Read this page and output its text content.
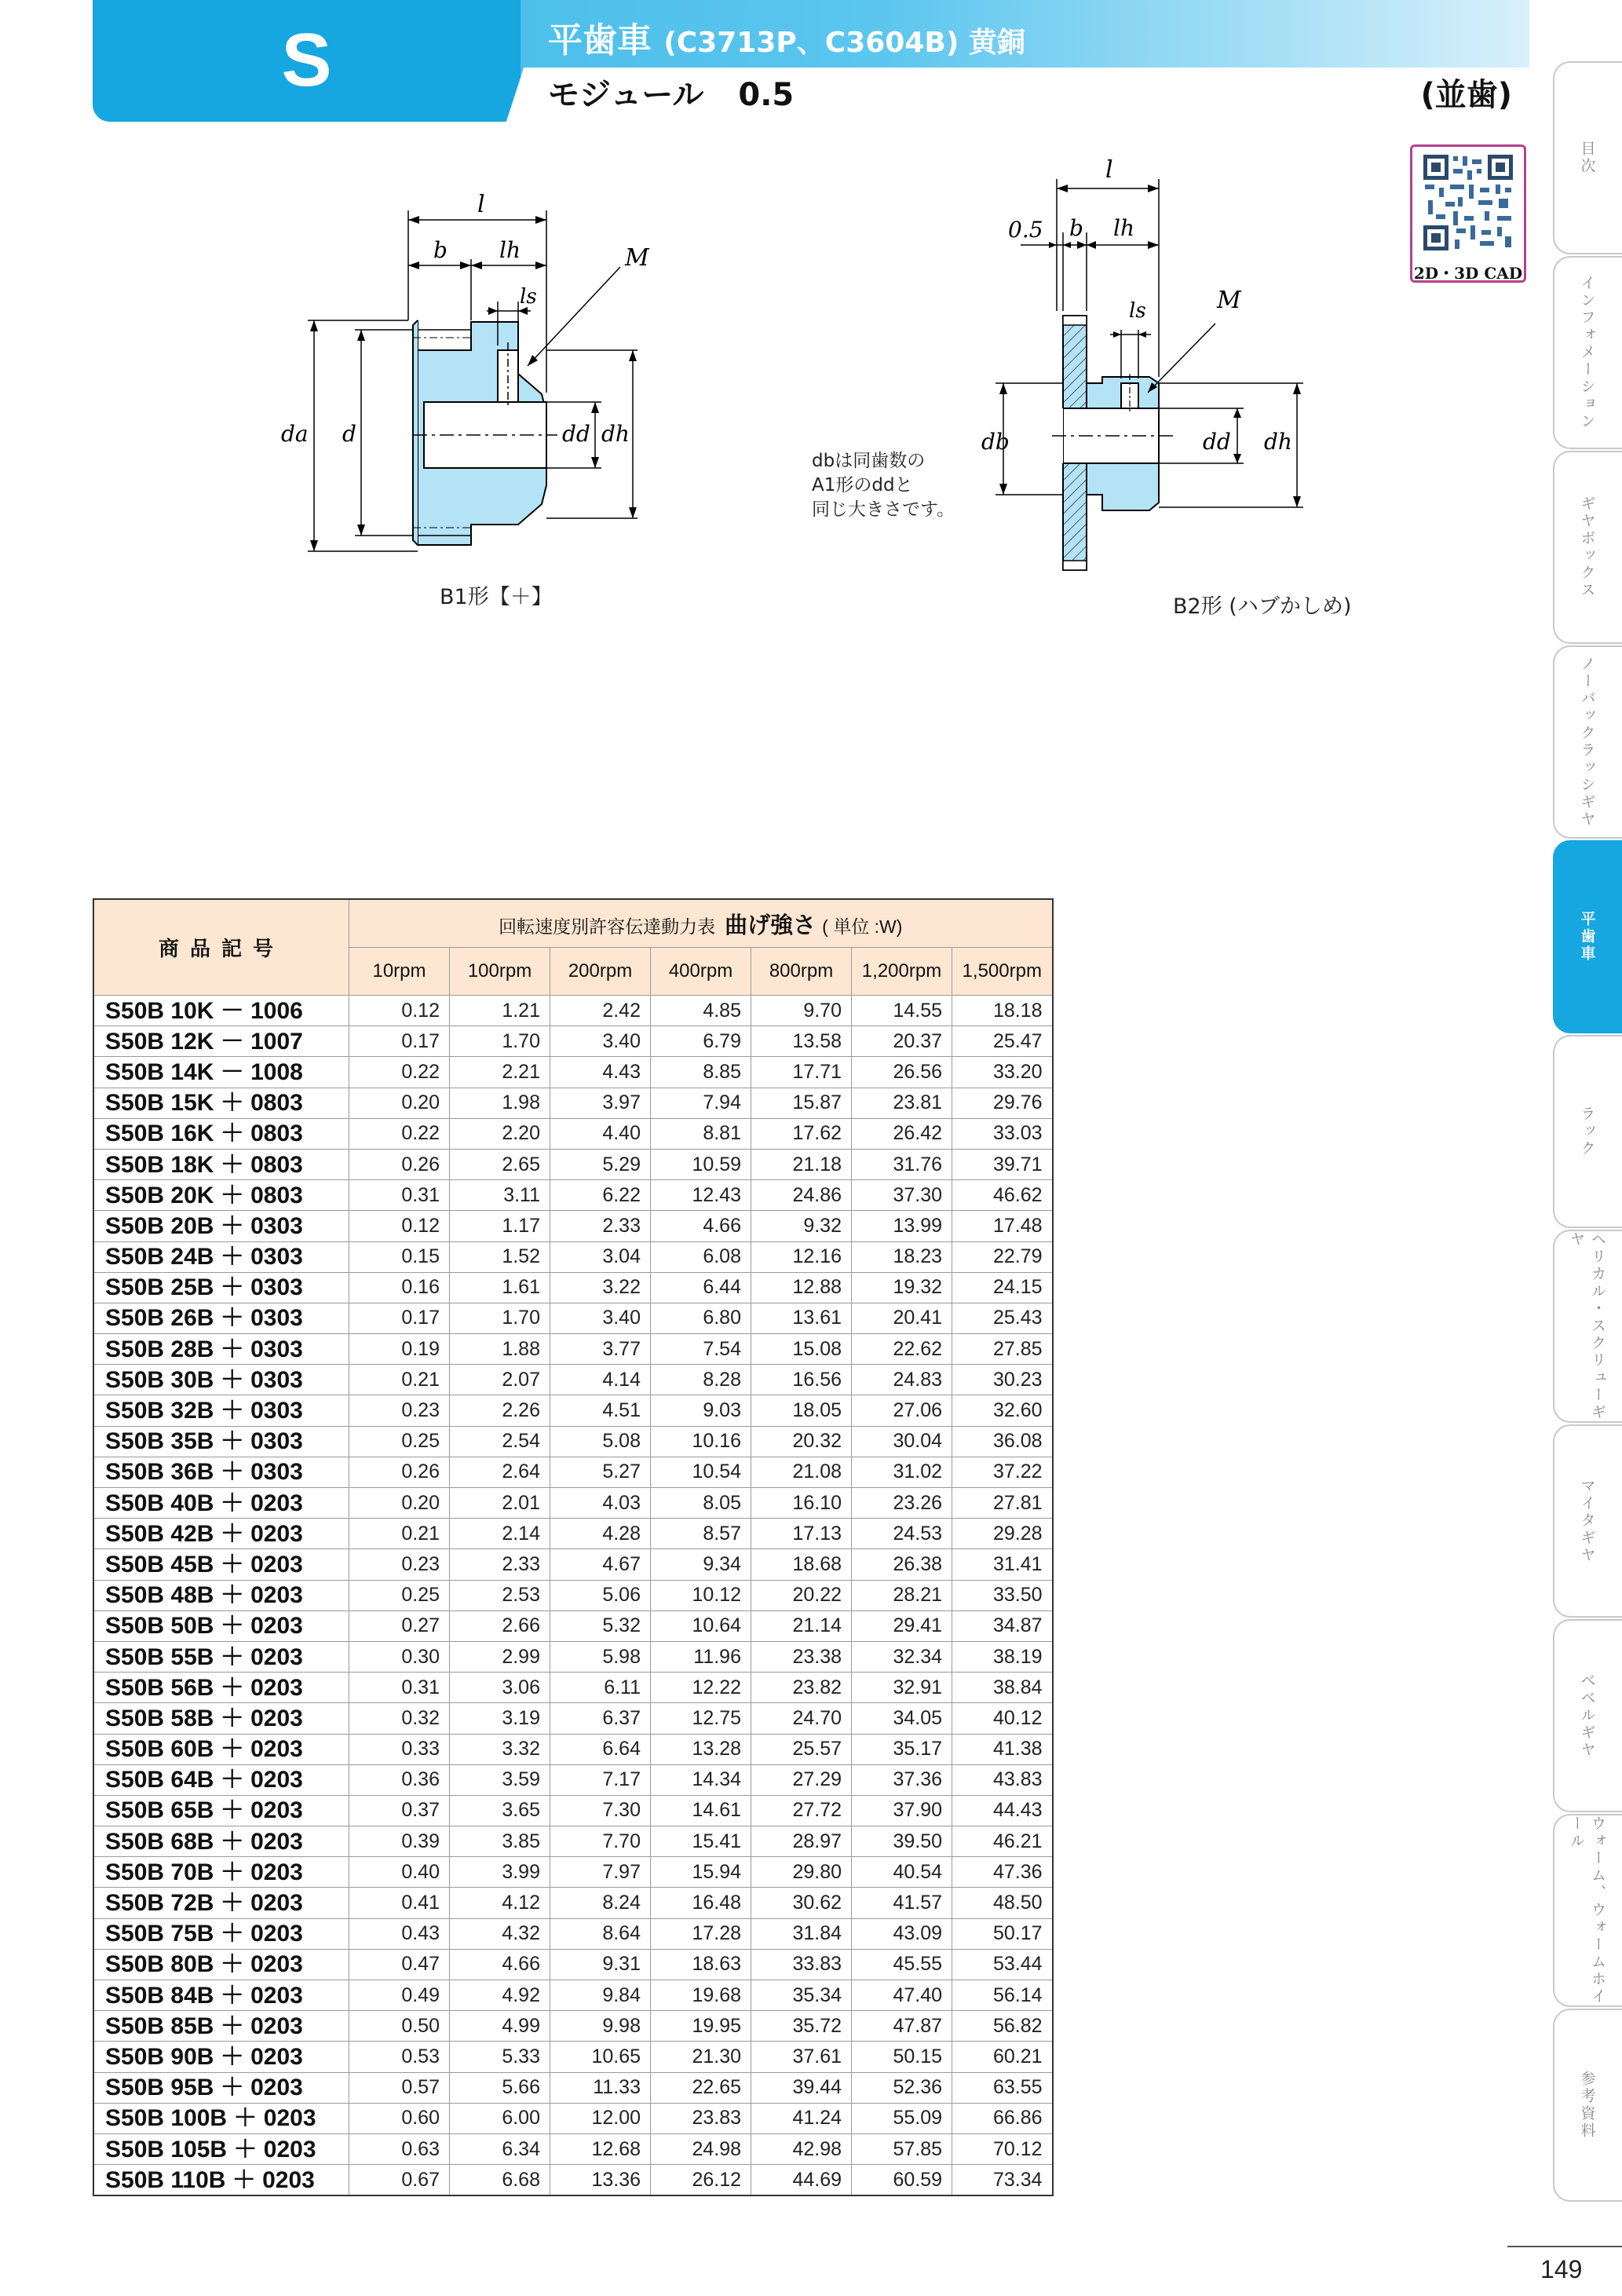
S	平歯車 (C3713P、C3604B) 黄銅
モジュール 0.5	(並歯)
目次
インフォメーション
ギヤボックス
ノーバックラッシギヤ
平歯車
ラック
ヘリカル・スクリューギヤ
マイタギヤ
ベベルギヤ
ウォーム、ウォームホイール
参考資料
2D・3D CAD
l
b lh
ls
M
da d	dd dh
B1形【＋】
l
0.5 b lh
ls	M
db	dd dh
dbは同歯数の
A1形のddと
同じ大きさです。
B2形 (ハブかしめ)
商品記号	回転速度別許容伝達動力表 曲げ強さ ( 単位 :W)						
	10rpm	100rpm	200rpm	400rpm	800rpm	1,200rpm	1,500rpm
S50B 10K － 1006	0.12	1.21	2.42	4.85	9.70	14.55	18.18
S50B 12K － 1007	0.17	1.70	3.40	6.79	13.58	20.37	25.47
S50B 14K － 1008	0.22	2.21	4.43	8.85	17.71	26.56	33.20
S50B 15K ＋ 0803	0.20	1.98	3.97	7.94	15.87	23.81	29.76
S50B 16K ＋ 0803	0.22	2.20	4.40	8.81	17.62	26.42	33.03
S50B 18K ＋ 0803	0.26	2.65	5.29	10.59	21.18	31.76	39.71
S50B 20K ＋ 0803	0.31	3.11	6.22	12.43	24.86	37.30	46.62
S50B 20B ＋ 0303	0.12	1.17	2.33	4.66	9.32	13.99	17.48
S50B 24B ＋ 0303	0.15	1.52	3.04	6.08	12.16	18.23	22.79
S50B 25B ＋ 0303	0.16	1.61	3.22	6.44	12.88	19.32	24.15
S50B 26B ＋ 0303	0.17	1.70	3.40	6.80	13.61	20.41	25.43
S50B 28B ＋ 0303	0.19	1.88	3.77	7.54	15.08	22.62	27.85
S50B 30B ＋ 0303	0.21	2.07	4.14	8.28	16.56	24.83	30.23
S50B 32B ＋ 0303	0.23	2.26	4.51	9.03	18.05	27.06	32.60
S50B 35B ＋ 0303	0.25	2.54	5.08	10.16	20.32	30.04	36.08
S50B 36B ＋ 0303	0.26	2.64	5.27	10.54	21.08	31.02	37.22
S50B 40B ＋ 0203	0.20	2.01	4.03	8.05	16.10	23.26	27.81
S50B 42B ＋ 0203	0.21	2.14	4.28	8.57	17.13	24.53	29.28
S50B 45B ＋ 0203	0.23	2.33	4.67	9.34	18.68	26.38	31.41
S50B 48B ＋ 0203	0.25	2.53	5.06	10.12	20.22	28.21	33.50
S50B 50B ＋ 0203	0.27	2.66	5.32	10.64	21.14	29.41	34.87
S50B 55B ＋ 0203	0.30	2.99	5.98	11.96	23.38	32.34	38.19
S50B 56B ＋ 0203	0.31	3.06	6.11	12.22	23.82	32.91	38.84
S50B 58B ＋ 0203	0.32	3.19	6.37	12.75	24.70	34.05	40.12
S50B 60B ＋ 0203	0.33	3.32	6.64	13.28	25.57	35.17	41.38
S50B 64B ＋ 0203	0.36	3.59	7.17	14.34	27.29	37.36	43.83
S50B 65B ＋ 0203	0.37	3.65	7.30	14.61	27.72	37.90	44.43
S50B 68B ＋ 0203	0.39	3.85	7.70	15.41	28.97	39.50	46.21
S50B 70B ＋ 0203	0.40	3.99	7.97	15.94	29.80	40.54	47.36
S50B 72B ＋ 0203	0.41	4.12	8.24	16.48	30.62	41.57	48.50
S50B 75B ＋ 0203	0.43	4.32	8.64	17.28	31.84	43.09	50.17
S50B 80B ＋ 0203	0.47	4.66	9.31	18.63	33.83	45.55	53.44
S50B 84B ＋ 0203	0.49	4.92	9.84	19.68	35.34	47.40	56.14
S50B 85B ＋ 0203	0.50	4.99	9.98	19.95	35.72	47.87	56.82
S50B 90B ＋ 0203	0.53	5.33	10.65	21.30	37.61	50.15	60.21
S50B 95B ＋ 0203	0.57	5.66	11.33	22.65	39.44	52.36	63.55
S50B 100B ＋ 0203	0.60	6.00	12.00	23.83	41.24	55.09	66.86
S50B 105B ＋ 0203	0.63	6.34	12.68	24.98	42.98	57.85	70.12
S50B 110B ＋ 0203	0.67	6.68	13.36	26.12	44.69	60.59	73.34
149
